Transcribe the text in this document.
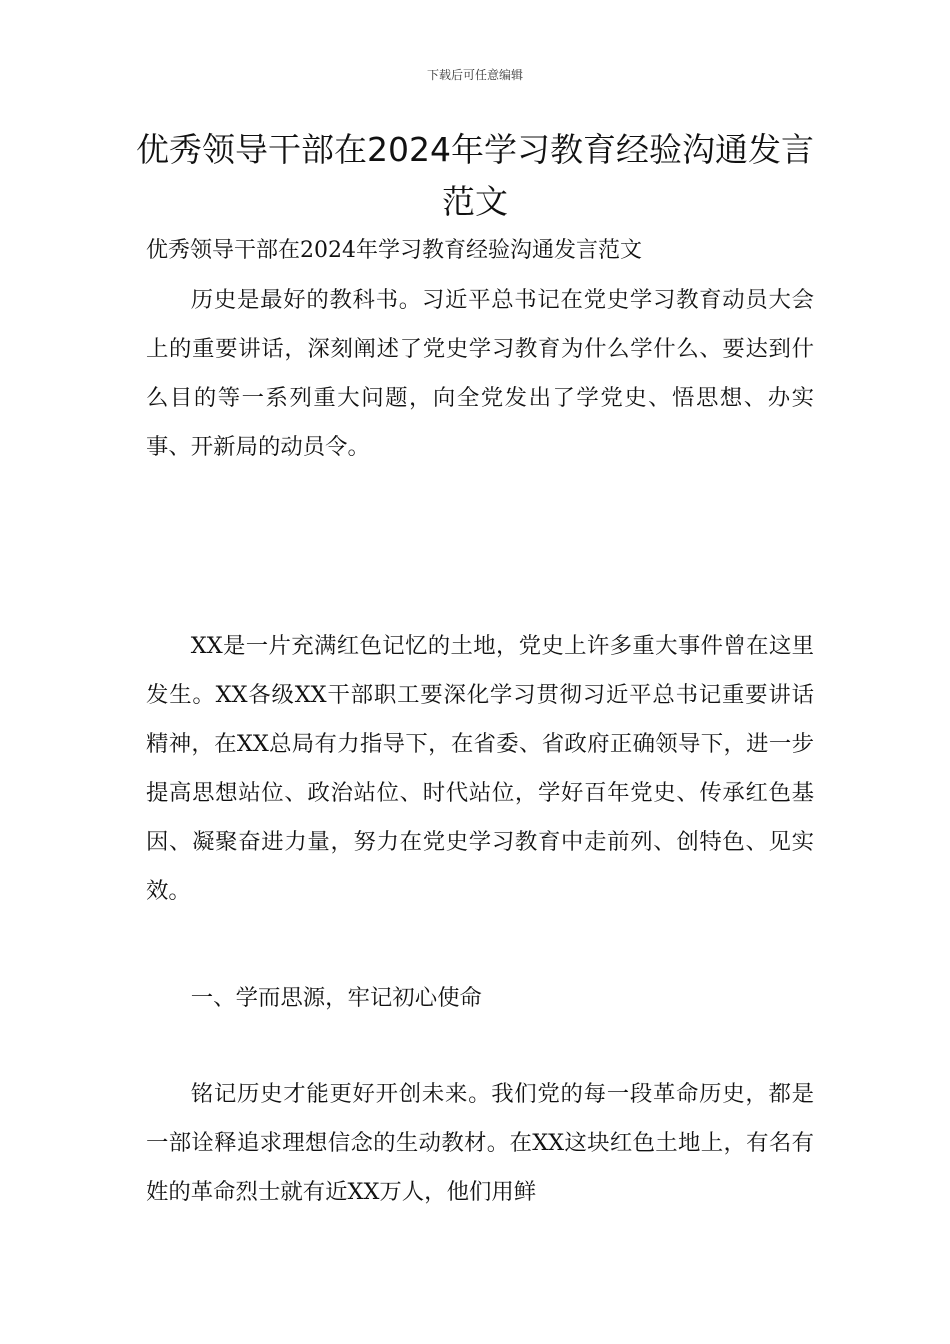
下载后可任意编辑
优秀领导干部在2024年学习教育经验沟通发言范文
优秀领导干部在2024年学习教育经验沟通发言范文

历史是最好的教科书。习近平总书记在党史学习教育动员大会上的重要讲话，深刻阐述了党史学习教育为什么学什么、要达到什么目的等一系列重大问题，向全党发出了学党史、悟思想、办实事、开新局的动员令。

XX是一片充满红色记忆的土地，党史上许多重大事件曾在这里发生。XX各级XX干部职工要深化学习贯彻习近平总书记重要讲话精神，在XX总局有力指导下，在省委、省政府正确领导下，进一步提高思想站位、政治站位、时代站位，学好百年党史、传承红色基因、凝聚奋进力量，努力在党史学习教育中走前列、创特色、见实效。

一、学而思源，牢记初心使命

铭记历史才能更好开创未来。我们党的每一段革命历史，都是一部诠释追求理想信念的生动教材。在XX这块红色土地上，有名有姓的革命烈士就有近XX万人，他们用鲜
